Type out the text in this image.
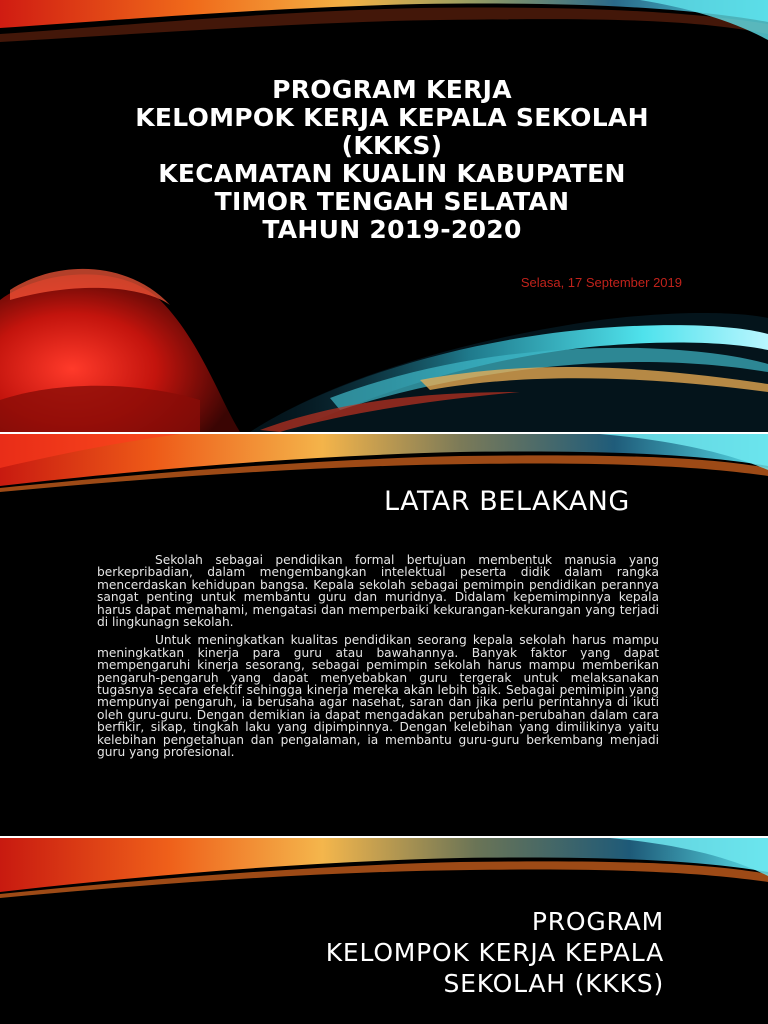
PROGRAM KERJA
KELOMPOK KERJA KEPALA SEKOLAH
(KKKS)
KECAMATAN KUALIN KABUPATEN
TIMOR TENGAH SELATAN
TAHUN 2019-2020
Selasa, 17 September 2019
LATAR BELAKANG

Sekolah sebagai pendidikan formal bertujuan membentuk manusia yang berkepribadian, dalam mengembangkan intelektual peserta didik dalam rangka mencerdaskan kehidupan bangsa. Kepala sekolah sebagai pemimpin pendidikan perannya sangat penting untuk membantu guru dan muridnya. Didalam kepemimpinnya kepala harus dapat memahami, mengatasi dan memperbaiki kekurangan-kekurangan yang terjadi di lingkunagn sekolah.

Untuk meningkatkan kualitas pendidikan seorang kepala sekolah harus mampu meningkatkan kinerja para guru atau bawahannya. Banyak faktor yang dapat mempengaruhi kinerja sesorang, sebagai pemimpin sekolah harus mampu memberikan pengaruh-pengaruh yang dapat menyebabkan guru tergerak untuk melaksanakan tugasnya secara efektif sehingga kinerja mereka akan lebih baik. Sebagai pemimipin yang mempunyai pengaruh, ia berusaha agar nasehat, saran dan jika perlu perintahnya di ikuti oleh guru-guru. Dengan demikian ia dapat mengadakan perubahan-perubahan dalam cara berfikir, sikap, tingkah laku yang dipimpinnya. Dengan kelebihan yang dimilikinya yaitu kelebihan pengetahuan dan pengalaman, ia membantu guru-guru berkembang menjadi guru yang profesional.

PROGRAM
KELOMPOK KERJA KEPALA
SEKOLAH (KKKS)
